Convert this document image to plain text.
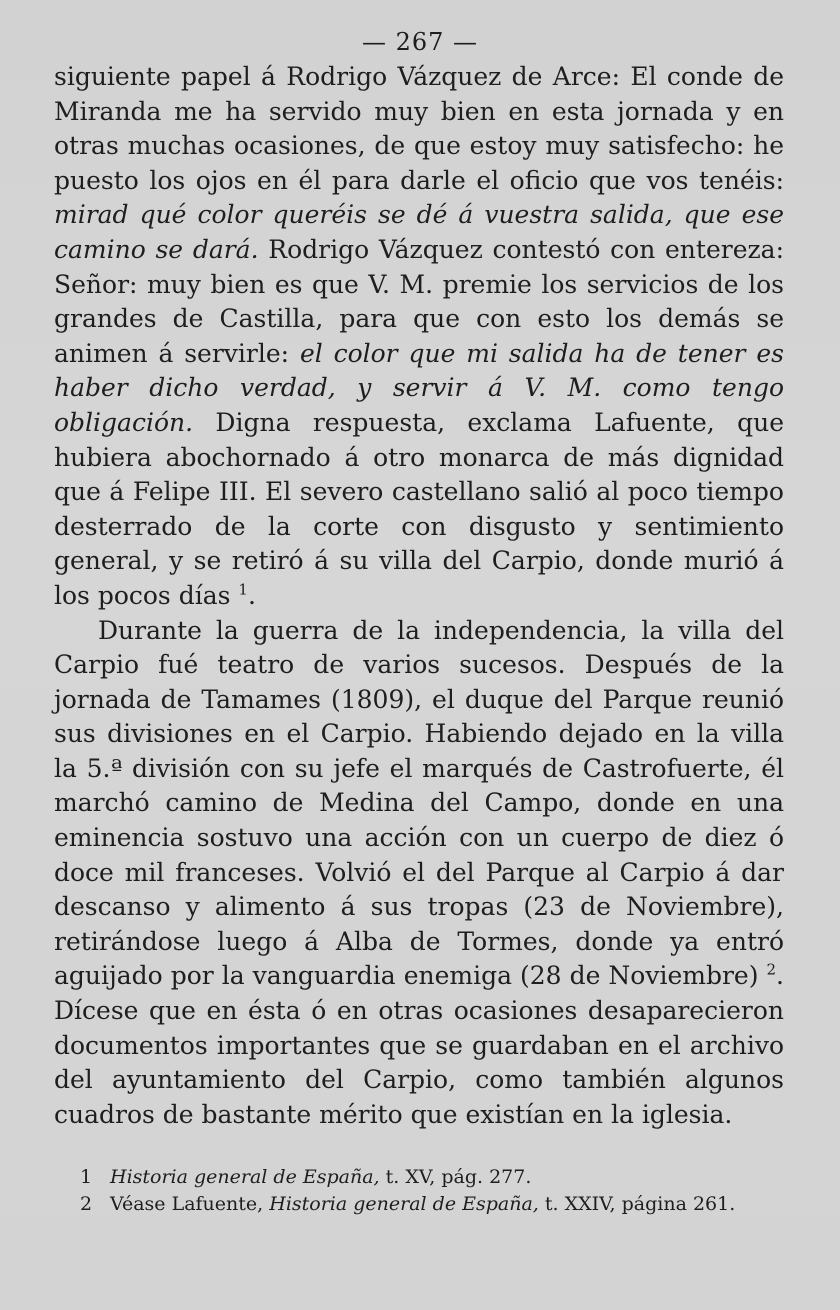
— 267 —

siguiente papel á Rodrigo Vázquez de Arce: El conde de Miranda me ha servido muy bien en esta jornada y en otras muchas ocasiones, de que estoy muy satisfecho: he puesto los ojos en él para darle el oficio que vos tenéis: mirad qué color queréis se dé á vuestra salida, que ese camino se dará. Rodrigo Vázquez contestó con entereza: Señor: muy bien es que V. M. premie los servicios de los grandes de Castilla, para que con esto los demás se animen á servirle: el color que mi salida ha de tener es haber dicho verdad, y servir á V. M. como tengo obligación. Digna respuesta, exclama Lafuente, que hubiera abochornado á otro monarca de más dignidad que á Felipe III. El severo castellano salió al poco tiempo desterrado de la corte con disgusto y sentimiento general, y se retiró á su villa del Carpio, donde murió á los pocos días $^1$.

Durante la guerra de la independencia, la villa del Carpio fué teatro de varios sucesos. Después de la jornada de Tamames (1809), el duque del Parque reunió sus divisiones en el Carpio. Habiendo dejado en la villa la 5.ª división con su jefe el marqués de Castrofuerte, él marchó camino de Medina del Campo, donde en una eminencia sostuvo una acción con un cuerpo de diez ó doce mil franceses. Volvió el del Parque al Carpio á dar descanso y alimento á sus tropas (23 de Noviembre), retirándose luego á Alba de Tormes, donde ya entró aguijado por la vanguardia enemiga (28 de Noviembre) $^2$. Dícese que en ésta ó en otras ocasiones desaparecieron documentos importantes que se guardaban en el archivo del ayuntamiento del Carpio, como también algunos cuadros de bastante mérito que existían en la iglesia.

1 Historia general de España, t. XV, pág. 277.

2 Véase Lafuente, Historia general de España, t. XXIV, página 261.
